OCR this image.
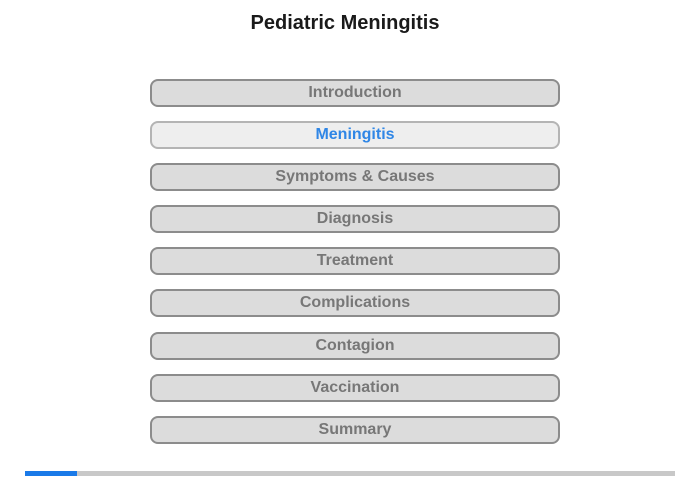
Pediatric Meningitis
Introduction
Meningitis
Symptoms & Causes
Diagnosis
Treatment
Complications
Contagion
Vaccination
Summary
